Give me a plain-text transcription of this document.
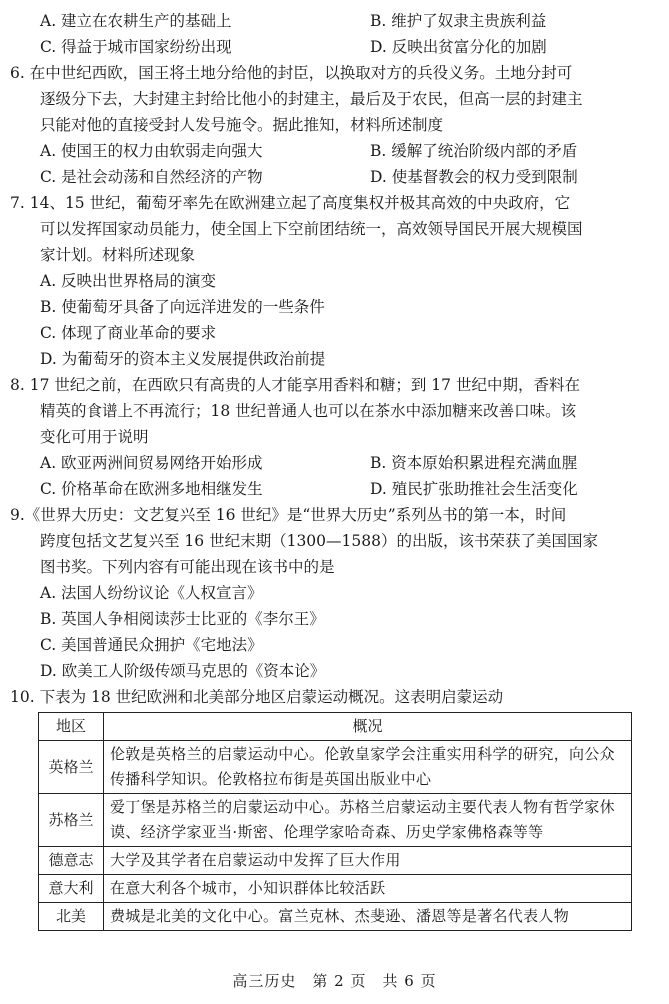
A. 建立在农耕生产的基础上	B. 维护了奴隶主贵族利益
C. 得益于城市国家纷纷出现	D. 反映出贫富分化的加剧
6. 在中世纪西欧，国王将土地分给他的封臣，以换取对方的兵役义务。土地分封可
逐级分下去，大封建主封给比他小的封建主，最后及于农民，但高一层的封建主
只能对他的直接受封人发号施令。据此推知，材料所述制度
A. 使国王的权力由软弱走向强大	B. 缓解了统治阶级内部的矛盾
C. 是社会动荡和自然经济的产物	D. 使基督教会的权力受到限制
7. 14、15 世纪，葡萄牙率先在欧洲建立起了高度集权并极其高效的中央政府，它
可以发挥国家动员能力，使全国上下空前团结统一，高效领导国民开展大规模国
家计划。材料所述现象
A. 反映出世界格局的演变
B. 使葡萄牙具备了向远洋进发的一些条件
C. 体现了商业革命的要求
D. 为葡萄牙的资本主义发展提供政治前提
8. 17 世纪之前，在西欧只有高贵的人才能享用香料和糖；到 17 世纪中期，香料在
精英的食谱上不再流行；18 世纪普通人也可以在茶水中添加糖来改善口味。该
变化可用于说明
A. 欧亚两洲间贸易网络开始形成	B. 资本原始积累进程充满血腥
C. 价格革命在欧洲多地相继发生	D. 殖民扩张助推社会生活变化
9.《世界大历史：文艺复兴至 16 世纪》是“世界大历史”系列丛书的第一本，时间
跨度包括文艺复兴至 16 世纪末期（1300—1588）的出版，该书荣获了美国国家
图书奖。下列内容有可能出现在该书中的是
A. 法国人纷纷议论《人权宣言》
B. 英国人争相阅读莎士比亚的《李尔王》
C. 美国普通民众拥护《宅地法》
D. 欧美工人阶级传颂马克思的《资本论》
10. 下表为 18 世纪欧洲和北美部分地区启蒙运动概况。这表明启蒙运动
地区	概况
英格兰	伦敦是英格兰的启蒙运动中心。伦敦皇家学会注重实用科学的研究，向公众传播科学知识。伦敦格拉布街是英国出版业中心
苏格兰	爱丁堡是苏格兰的启蒙运动中心。苏格兰启蒙运动主要代表人物有哲学家休谟、经济学家亚当·斯密、伦理学家哈奇森、历史学家佛格森等等
德意志	大学及其学者在启蒙运动中发挥了巨大作用
意大利	在意大利各个城市，小知识群体比较活跃
北美	费城是北美的文化中心。富兰克林、杰斐逊、潘恩等是著名代表人物
高三历史　第 2 页　共 6 页
